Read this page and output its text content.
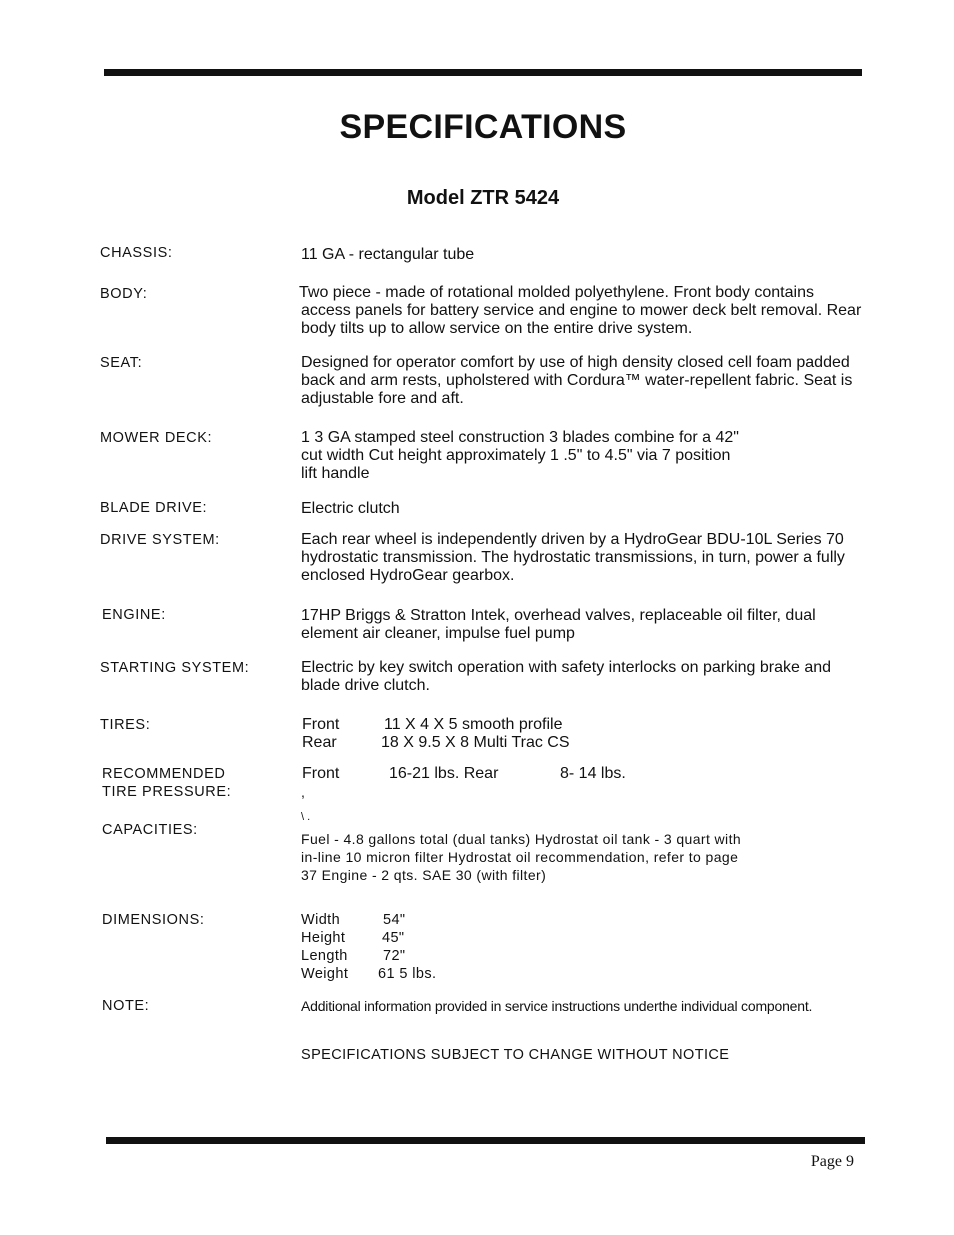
SPECIFICATIONS
Model ZTR 5424
CHASSIS:	11 GA - rectangular tube
BODY:	Two piece - made of rotational molded polyethylene. Front body contains
access panels for battery service and engine to mower deck belt removal. Rear
body tilts up to allow service on the entire drive system.
SEAT:	Designed for operator comfort by use of high density closed cell foam padded
back and arm rests, upholstered with Cordura™ water-repellent fabric. Seat is
adjustable fore and aft.
MOWER DECK:	1 3 GA stamped steel construction 3 blades combine for a 42"
cut width Cut height approximately 1 .5" to 4.5" via 7 position
lift handle
BLADE DRIVE:	Electric clutch
DRIVE SYSTEM:	Each rear wheel is independently driven by a HydroGear BDU-10L Series 70
hydrostatic transmission. The hydrostatic transmissions, in turn, power a fully
enclosed HydroGear gearbox.
ENGINE:	17HP Briggs & Stratton Intek, overhead valves, replaceable oil filter, dual
element air cleaner, impulse fuel pump
STARTING SYSTEM:	Electric by key switch operation with safety interlocks on parking brake and
blade drive clutch.
TIRES:	Front	11 X 4 X 5 smooth profile
Rear	18 X 9.5 X 8 Multi Trac CS
RECOMMENDED
TIRE PRESSURE:
Front	16-21 lbs. Rear	8- 14 lbs.
,
\ .
CAPACITIES:
Fuel - 4.8 gallons total (dual tanks) Hydrostat oil tank - 3 quart with
in-line 10 micron filter Hydrostat oil recommendation, refer to page
37 Engine - 2 qts. SAE 30 (with filter)
DIMENSIONS:	Width	54"
Height	45"
Length 72"
Weight 61 5 lbs.
NOTE:	Additional information provided in service instructions underthe individual component.
SPECIFICATIONS SUBJECT TO CHANGE WITHOUT NOTICE
Page 9
